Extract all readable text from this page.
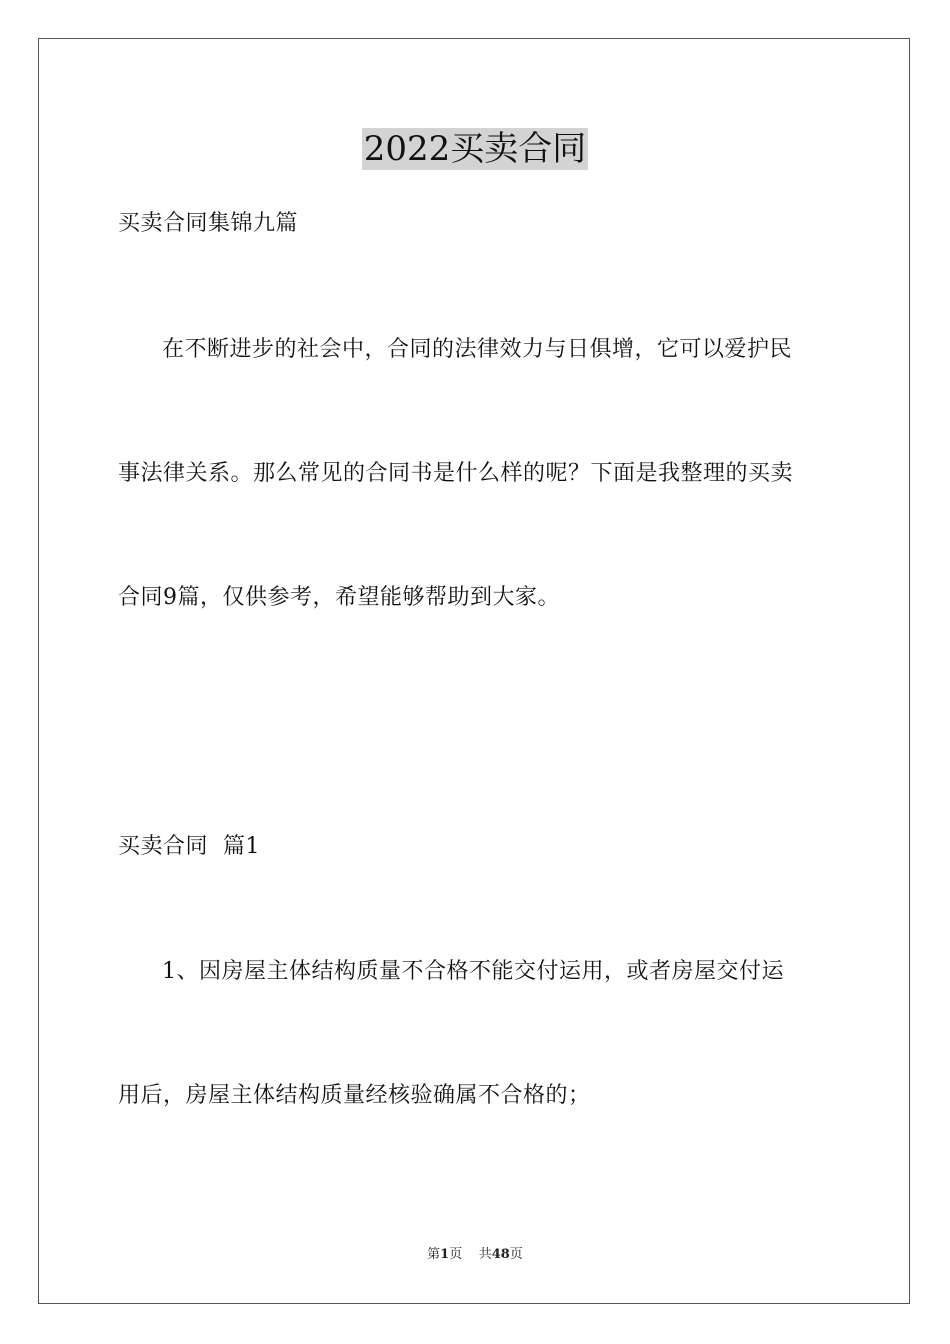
2022买卖合同
买卖合同集锦九篇
在不断进步的社会中，合同的法律效力与日俱增，它可以爱护民
事法律关系。那么常见的合同书是什么样的呢？下面是我整理的买卖
合同9篇，仅供参考，希望能够帮助到大家。
买卖合同  篇1
1、因房屋主体结构质量不合格不能交付运用，或者房屋交付运
用后，房屋主体结构质量经核验确属不合格的；
第1页 共48页
